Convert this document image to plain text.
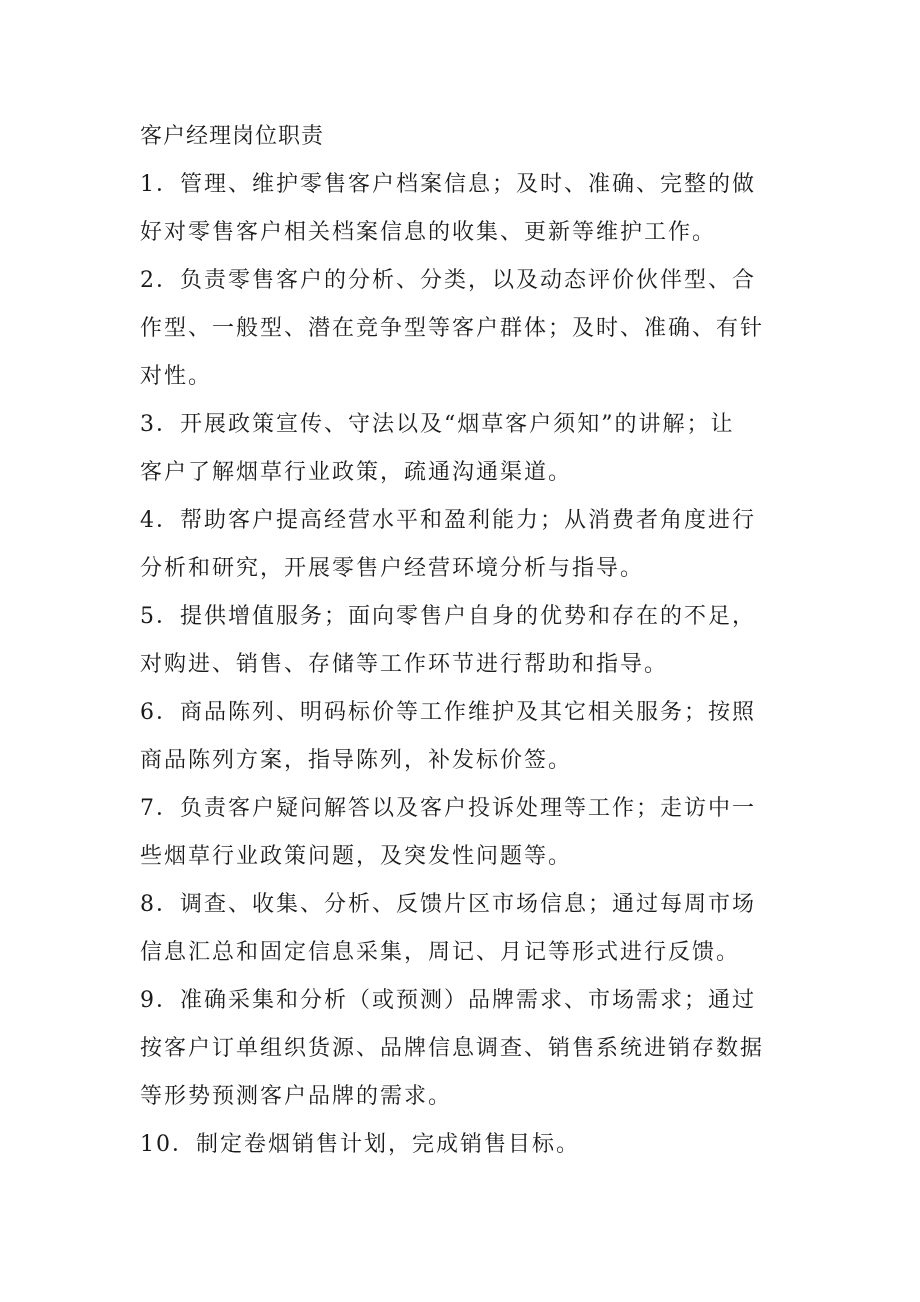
客户经理岗位职责
1．管理、维护零售客户档案信息；及时、准确、完整的做
好对零售客户相关档案信息的收集、更新等维护工作。
2．负责零售客户的分析、分类，以及动态评价伙伴型、合
作型、一般型、潜在竞争型等客户群体；及时、准确、有针
对性。
3．开展政策宣传、守法以及“烟草客户须知”的讲解；让
客户了解烟草行业政策，疏通沟通渠道。
4．帮助客户提高经营水平和盈利能力；从消费者角度进行
分析和研究，开展零售户经营环境分析与指导。
5．提供增值服务；面向零售户自身的优势和存在的不足，
对购进、销售、存储等工作环节进行帮助和指导。
6．商品陈列、明码标价等工作维护及其它相关服务；按照
商品陈列方案，指导陈列，补发标价签。
7．负责客户疑问解答以及客户投诉处理等工作；走访中一
些烟草行业政策问题，及突发性问题等。
8．调查、收集、分析、反馈片区市场信息；通过每周市场
信息汇总和固定信息采集，周记、月记等形式进行反馈。
9．准确采集和分析（或预测）品牌需求、市场需求；通过
按客户订单组织货源、品牌信息调查、销售系统进销存数据
等形势预测客户品牌的需求。
10．制定卷烟销售计划，完成销售目标。
